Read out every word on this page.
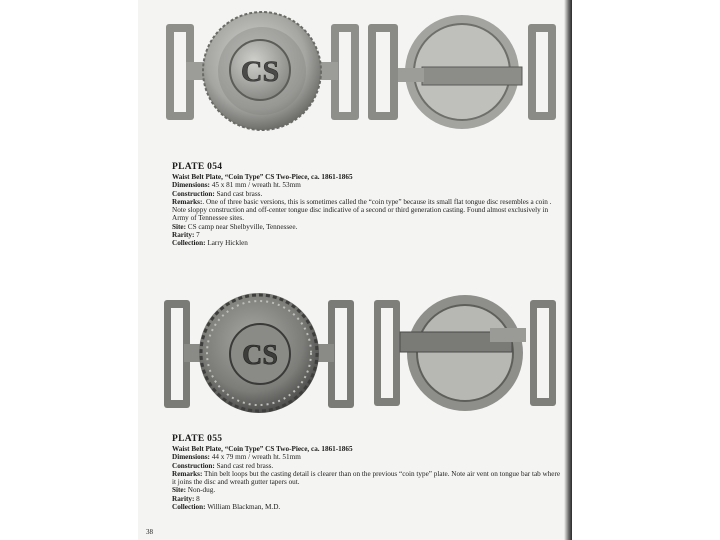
CS
PLATE 054
Waist Belt Plate, “Coin Type” CS Two-Piece, ca. 1861-1865
Dimensions: 45 x 81 mm / wreath ht. 53mm
Construction: Sand cast brass.
Remarks:. One of three basic versions, this is sometimes called the “coin type” because its small flat tongue disc resembles a coin . Note sloppy construction and off-center tongue disc indicative of a second or third generation casting. Found almost exclusively in Army of Tennessee sites.
Site: CS camp near Shelbyville, Tennessee.
Rarity: 7
Collection: Larry Hicklen
CS
PLATE 055
Waist Belt Plate, “Coin Type” CS Two-Piece, ca. 1861-1865
Dimensions: 44 x 79 mm / wreath ht. 51mm
Construction: Sand cast red brass.
Remarks: Thin belt loops but the casting detail is clearer than on the previous “coin type” plate. Note air vent on tongue bar tab where it joins the disc and wreath gutter tapers out.
Site: Non-dug.
Rarity: 8
Collection: William Blackman, M.D.
38
